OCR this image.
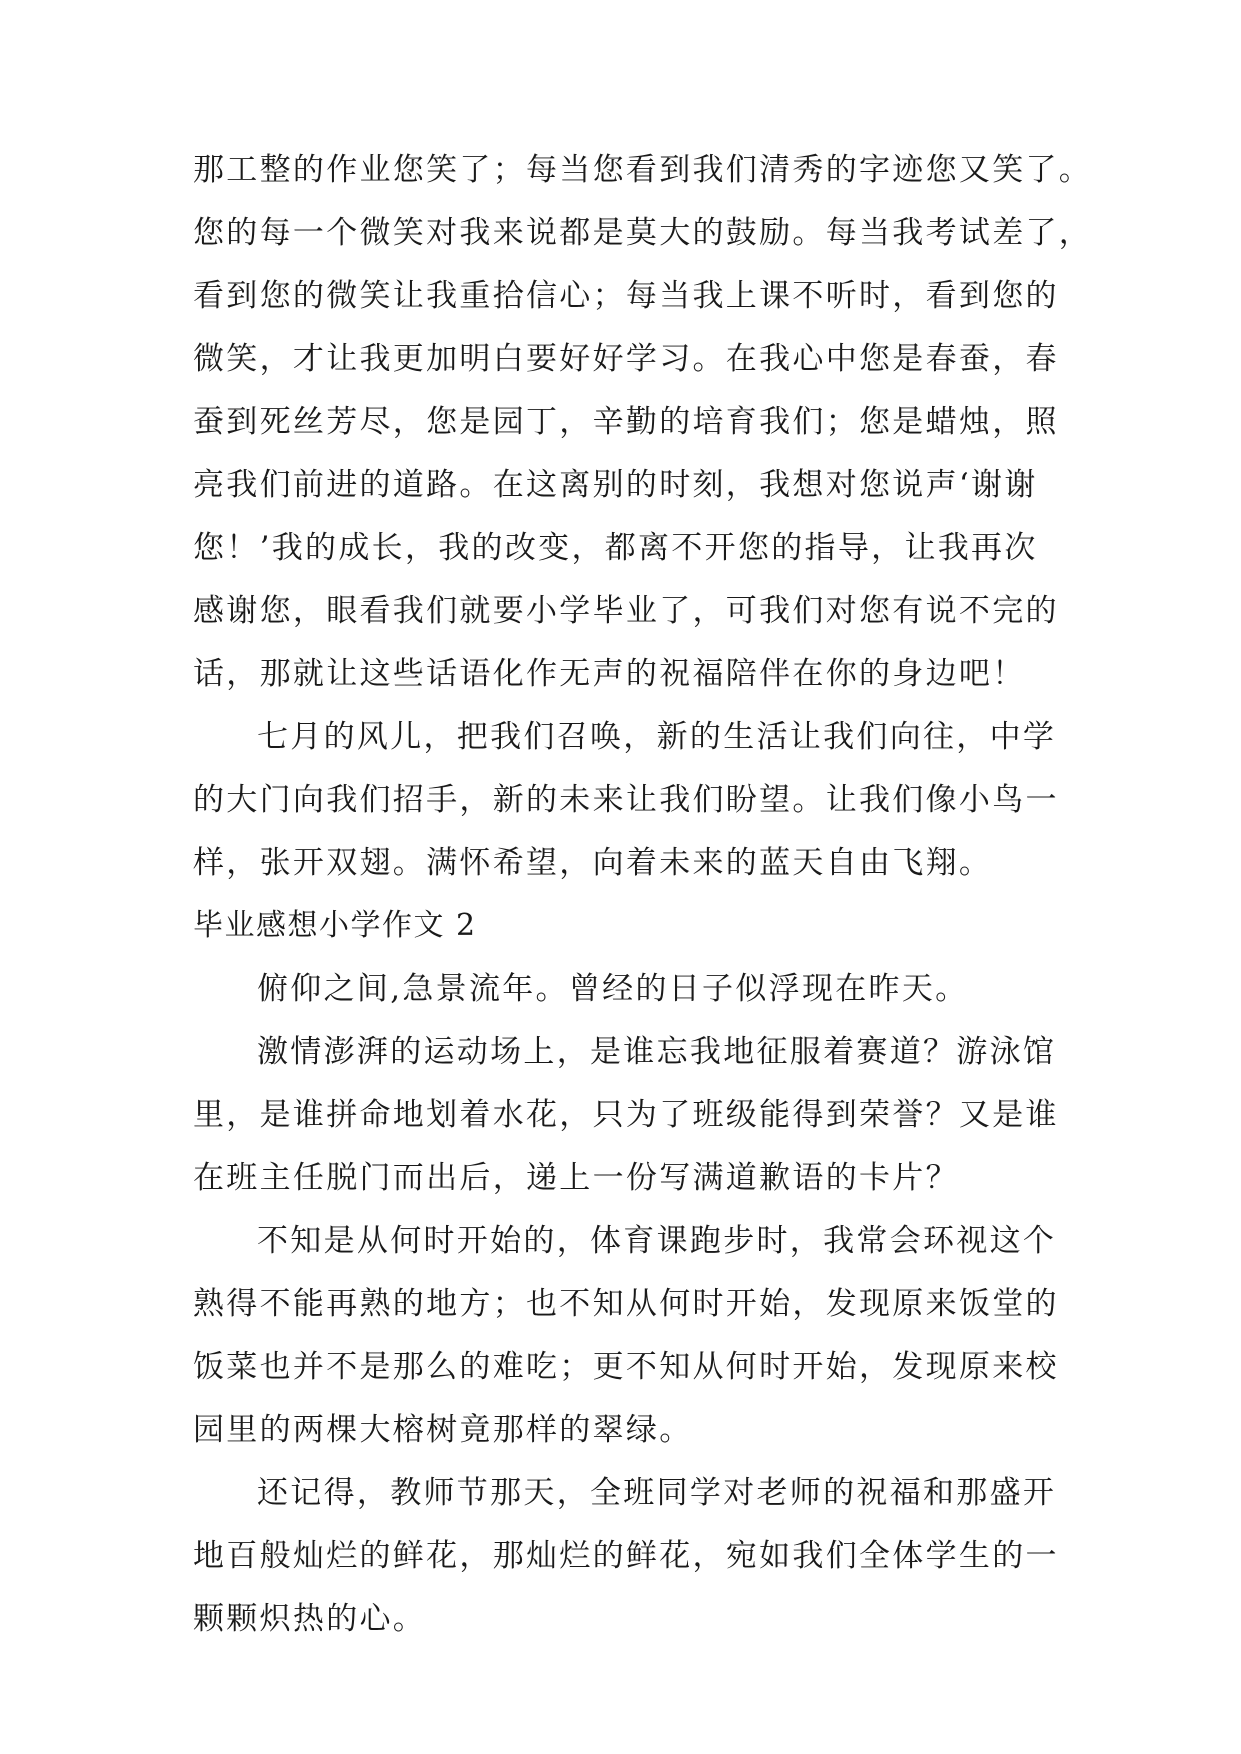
那工整的作业您笑了；每当您看到我们清秀的字迹您又笑了。
您的每一个微笑对我来说都是莫大的鼓励。每当我考试差了，
看到您的微笑让我重拾信心；每当我上课不听时，看到您的
微笑，才让我更加明白要好好学习。在我心中您是春蚕，春
蚕到死丝芳尽，您是园丁，辛勤的培育我们；您是蜡烛，照
亮我们前进的道路。在这离别的时刻，我想对您说声‘谢谢
您！’我的成长，我的改变，都离不开您的指导，让我再次
感谢您，眼看我们就要小学毕业了，可我们对您有说不完的
话，那就让这些话语化作无声的祝福陪伴在你的身边吧！
七月的风儿，把我们召唤，新的生活让我们向往，中学
的大门向我们招手，新的未来让我们盼望。让我们像小鸟一
样，张开双翅。满怀希望，向着未来的蓝天自由飞翔。
毕业感想小学作文 2
俯仰之间,急景流年。曾经的日子似浮现在昨天。
激情澎湃的运动场上，是谁忘我地征服着赛道？游泳馆
里，是谁拼命地划着水花，只为了班级能得到荣誉？又是谁
在班主任脱门而出后，递上一份写满道歉语的卡片？
不知是从何时开始的，体育课跑步时，我常会环视这个
熟得不能再熟的地方；也不知从何时开始，发现原来饭堂的
饭菜也并不是那么的难吃；更不知从何时开始，发现原来校
园里的两棵大榕树竟那样的翠绿。
还记得，教师节那天，全班同学对老师的祝福和那盛开
地百般灿烂的鲜花，那灿烂的鲜花，宛如我们全体学生的一
颗颗炽热的心。
